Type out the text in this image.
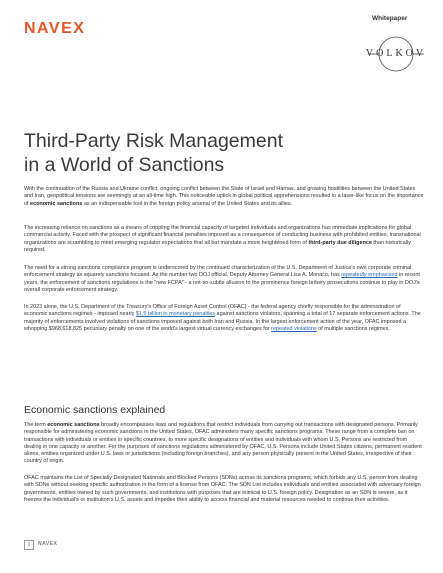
NAVEX
Whitepaper
VOLKOV
Third-Party Risk Management
in a World of Sanctions

With the continuation of the Russia and Ukraine conflict, ongoing conflict between the State of Israel and Hamas, and growing hostilities between the United States and Iran, geopolitical tensions are seemingly at an all-time high. This noticeable uptick in global political apprehensions resulted in a laser-like focus on the importance of economic sanctions as an indispensable tool in the foreign policy arsenal of the United States and its allies.

The increasing reliance on sanctions as a means of crippling the financial capacity of targeted individuals and organizations has immediate implications for global commercial activity. Faced with the prospect of significant financial penalties imposed as a consequence of conducting business with prohibited entities, transnational organizations are scrambling to meet emerging regulator expectations that all but mandate a more heightened form of third-party due diligence than historically required.

The need for a strong sanctions compliance program is underscored by the continued characterization of the U.S. Department of Justice's own corporate criminal enforcement strategy as squarely sanctions focused. As the number two DOJ official, Deputy Attorney General Lisa A. Monaco, has repeatedly emphasized in recent years, the enforcement of sanctions regulations is the "new FCPA" - a not-so-subtle allusion to the prominence foreign bribery prosecutions continue to play in DOJ's overall corporate enforcement strategy.

In 2023 alone, the U.S. Department of the Treasury's Office of Foreign Asset Control (OFAC) - the federal agency chiefly responsible for the administration of economic sanctions regimes - imposed nearly $1.5 billion in monetary penalties against sanctions violators, spanning a total of 17 separate enforcement actions. The majority of enforcements involved violations of sanctions imposed against both Iran and Russia. In the largest enforcement action of the year, OFAC imposed a whopping $968,618,825 pecuniary penalty on one of the world's largest virtual currency exchanges for repeated violations of multiple sanctions regimes.

Economic sanctions explained

The term economic sanctions broadly encompasses laws and regulations that restrict individuals from carrying out transactions with designated persons. Primarily responsible for administering economic sanctions in the United States, OFAC administers many specific sanctions programs. These range from a complete ban on transactions with individuals or entities in specific countries, to more specific designations of entities and individuals with whom U.S. Persons are restricted from dealing in one capacity or another. For the purposes of sanctions regulations administered by OFAC, U.S. Persons include United States citizens, permanent resident aliens, entities organized under U.S. laws or jurisdictions (including foreign branches), and any person physically present in the United States, irrespective of their country of origin.

OFAC maintains the List of Specially Designated Nationals and Blocked Persons (SDNs) across its sanctions programs, which forbids any U.S. person from dealing with SDNs without seeking specific authorization in the form of a license from OFAC. The SDN List includes individuals and entities associated with adversary foreign governments, entities owned by such governments, and institutions with purposes that are inimical to U.S. foreign policy. Designation as an SDN is severe, as it freezes the individual's or institution's U.S. assets and impedes their ability to access financial and material resources needed to continue their activities.

1	NAVEX
